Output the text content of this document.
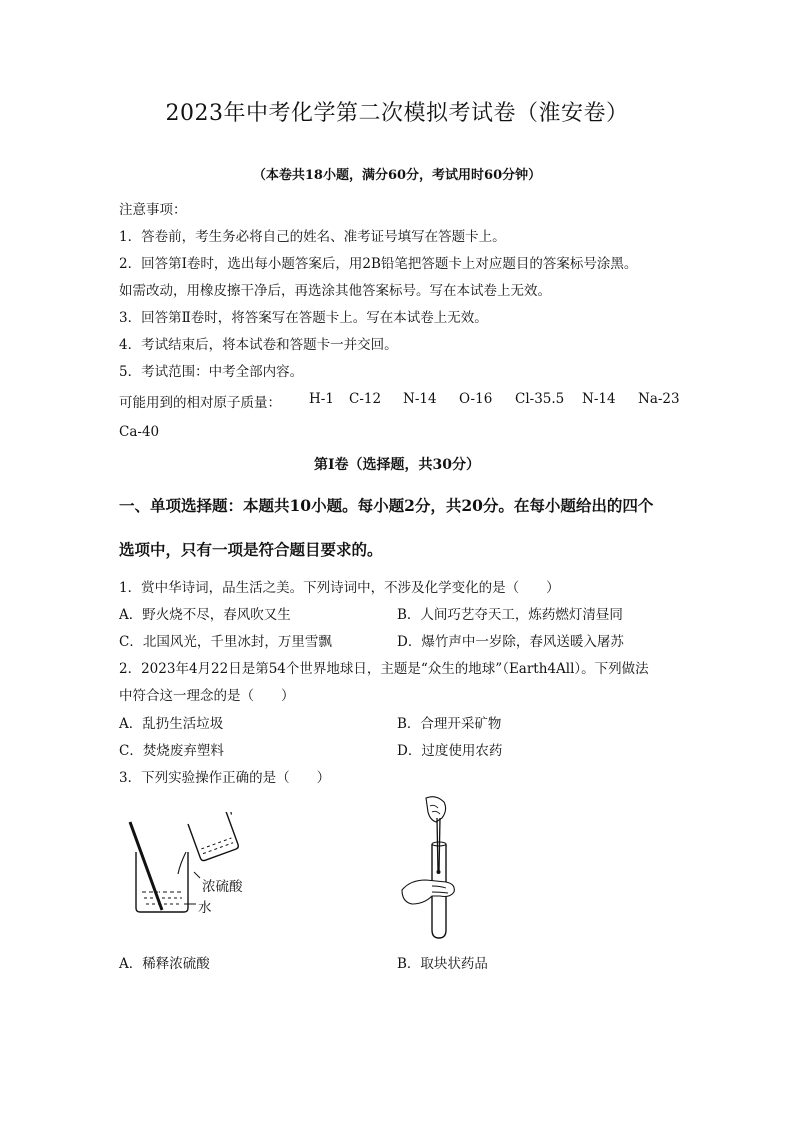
2023年中考化学第二次模拟考试卷（淮安卷）
（本卷共18小题，满分60分，考试用时60分钟）
注意事项：
1．答卷前，考生务必将自己的姓名、准考证号填写在答题卡上。
2．回答第Ⅰ卷时，选出每小题答案后，用2B铅笔把答题卡上对应题目的答案标号涂黑。
如需改动，用橡皮擦干净后，再选涂其他答案标号。写在本试卷上无效。
3．回答第Ⅱ卷时，将答案写在答题卡上。写在本试卷上无效。
4．考试结束后，将本试卷和答题卡一并交回。
5．考试范围：中考全部内容。
可能用到的相对原子质量：	H-1	C-12	N-14	O-16	Cl-35.5	N-14	Na-23
Ca-40
第Ⅰ卷（选择题，共30分）
一、单项选择题：本题共10小题。每小题2分，共20分。在每小题给出的四个
选项中，只有一项是符合题目要求的。
1．赏中华诗词，品生活之美。下列诗词中，不涉及化学变化的是（　　）
A．野火烧不尽，春风吹又生	B．人间巧艺夺天工，炼药燃灯清昼同
C．北国风光，千里冰封，万里雪飘	D．爆竹声中一岁除，春风送暖入屠苏
2．2023年4月22日是第54个世界地球日，主题是“众生的地球”（Earth4All）。下列做法
中符合这一理念的是（　　）
A．乱扔生活垃圾	B．合理开采矿物
C．焚烧废弃塑料	D．过度使用农药
3．下列实验操作正确的是（　　）
浓硫酸
水
A．稀释浓硫酸	B．取块状药品
